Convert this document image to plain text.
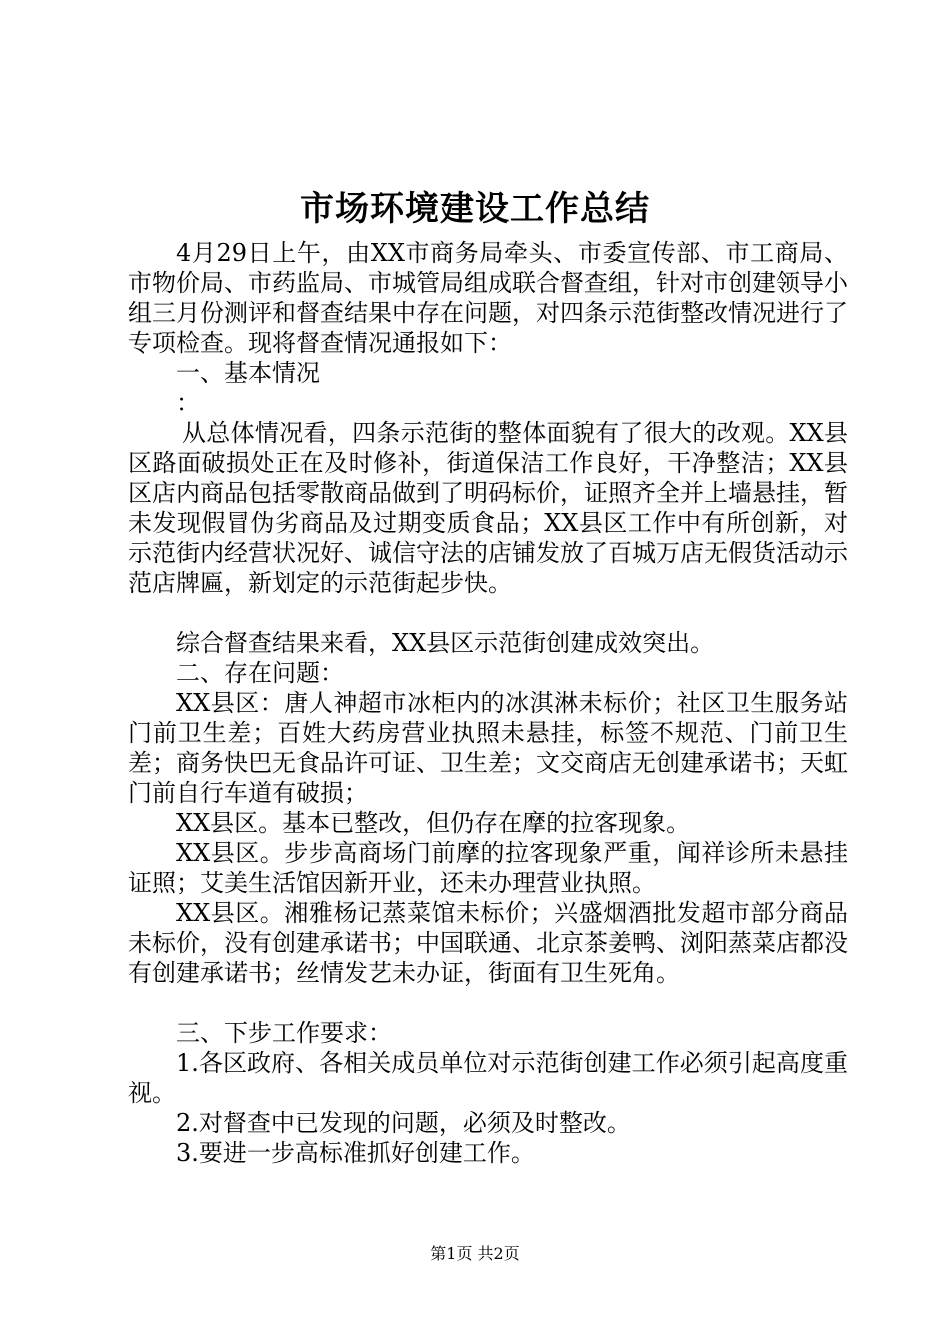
市场环境建设工作总结

4月29日上午，由XX市商务局牵头、市委宣传部、市工商局、市物价局、市药监局、市城管局组成联合督查组，针对市创建领导小组三月份测评和督查结果中存在问题，对四条示范街整改情况进行了专项检查。现将督查情况通报如下：

一、基本情况

：

从总体情况看，四条示范街的整体面貌有了很大的改观。XX县区路面破损处正在及时修补，街道保洁工作良好，干净整洁；XX县区店内商品包括零散商品做到了明码标价，证照齐全并上墙悬挂，暂未发现假冒伪劣商品及过期变质食品；XX县区工作中有所创新，对示范街内经营状况好、诚信守法的店铺发放了百城万店无假货活动示范店牌匾，新划定的示范街起步快。

综合督查结果来看，XX县区示范街创建成效突出。

二、存在问题：

XX县区：唐人神超市冰柜内的冰淇淋未标价；社区卫生服务站门前卫生差；百姓大药房营业执照未悬挂，标签不规范、门前卫生差；商务快巴无食品许可证、卫生差；文交商店无创建承诺书；天虹门前自行车道有破损；

XX县区。基本已整改，但仍存在摩的拉客现象。

XX县区。步步高商场门前摩的拉客现象严重，闻祥诊所未悬挂证照；艾美生活馆因新开业，还未办理营业执照。

XX县区。湘雅杨记蒸菜馆未标价；兴盛烟酒批发超市部分商品未标价，没有创建承诺书；中国联通、北京茶姜鸭、浏阳蒸菜店都没有创建承诺书；丝情发艺未办证，街面有卫生死角。

三、下步工作要求：

1.各区政府、各相关成员单位对示范街创建工作必须引起高度重视。

2.对督查中已发现的问题，必须及时整改。

3.要进一步高标准抓好创建工作。

第1页 共2页
